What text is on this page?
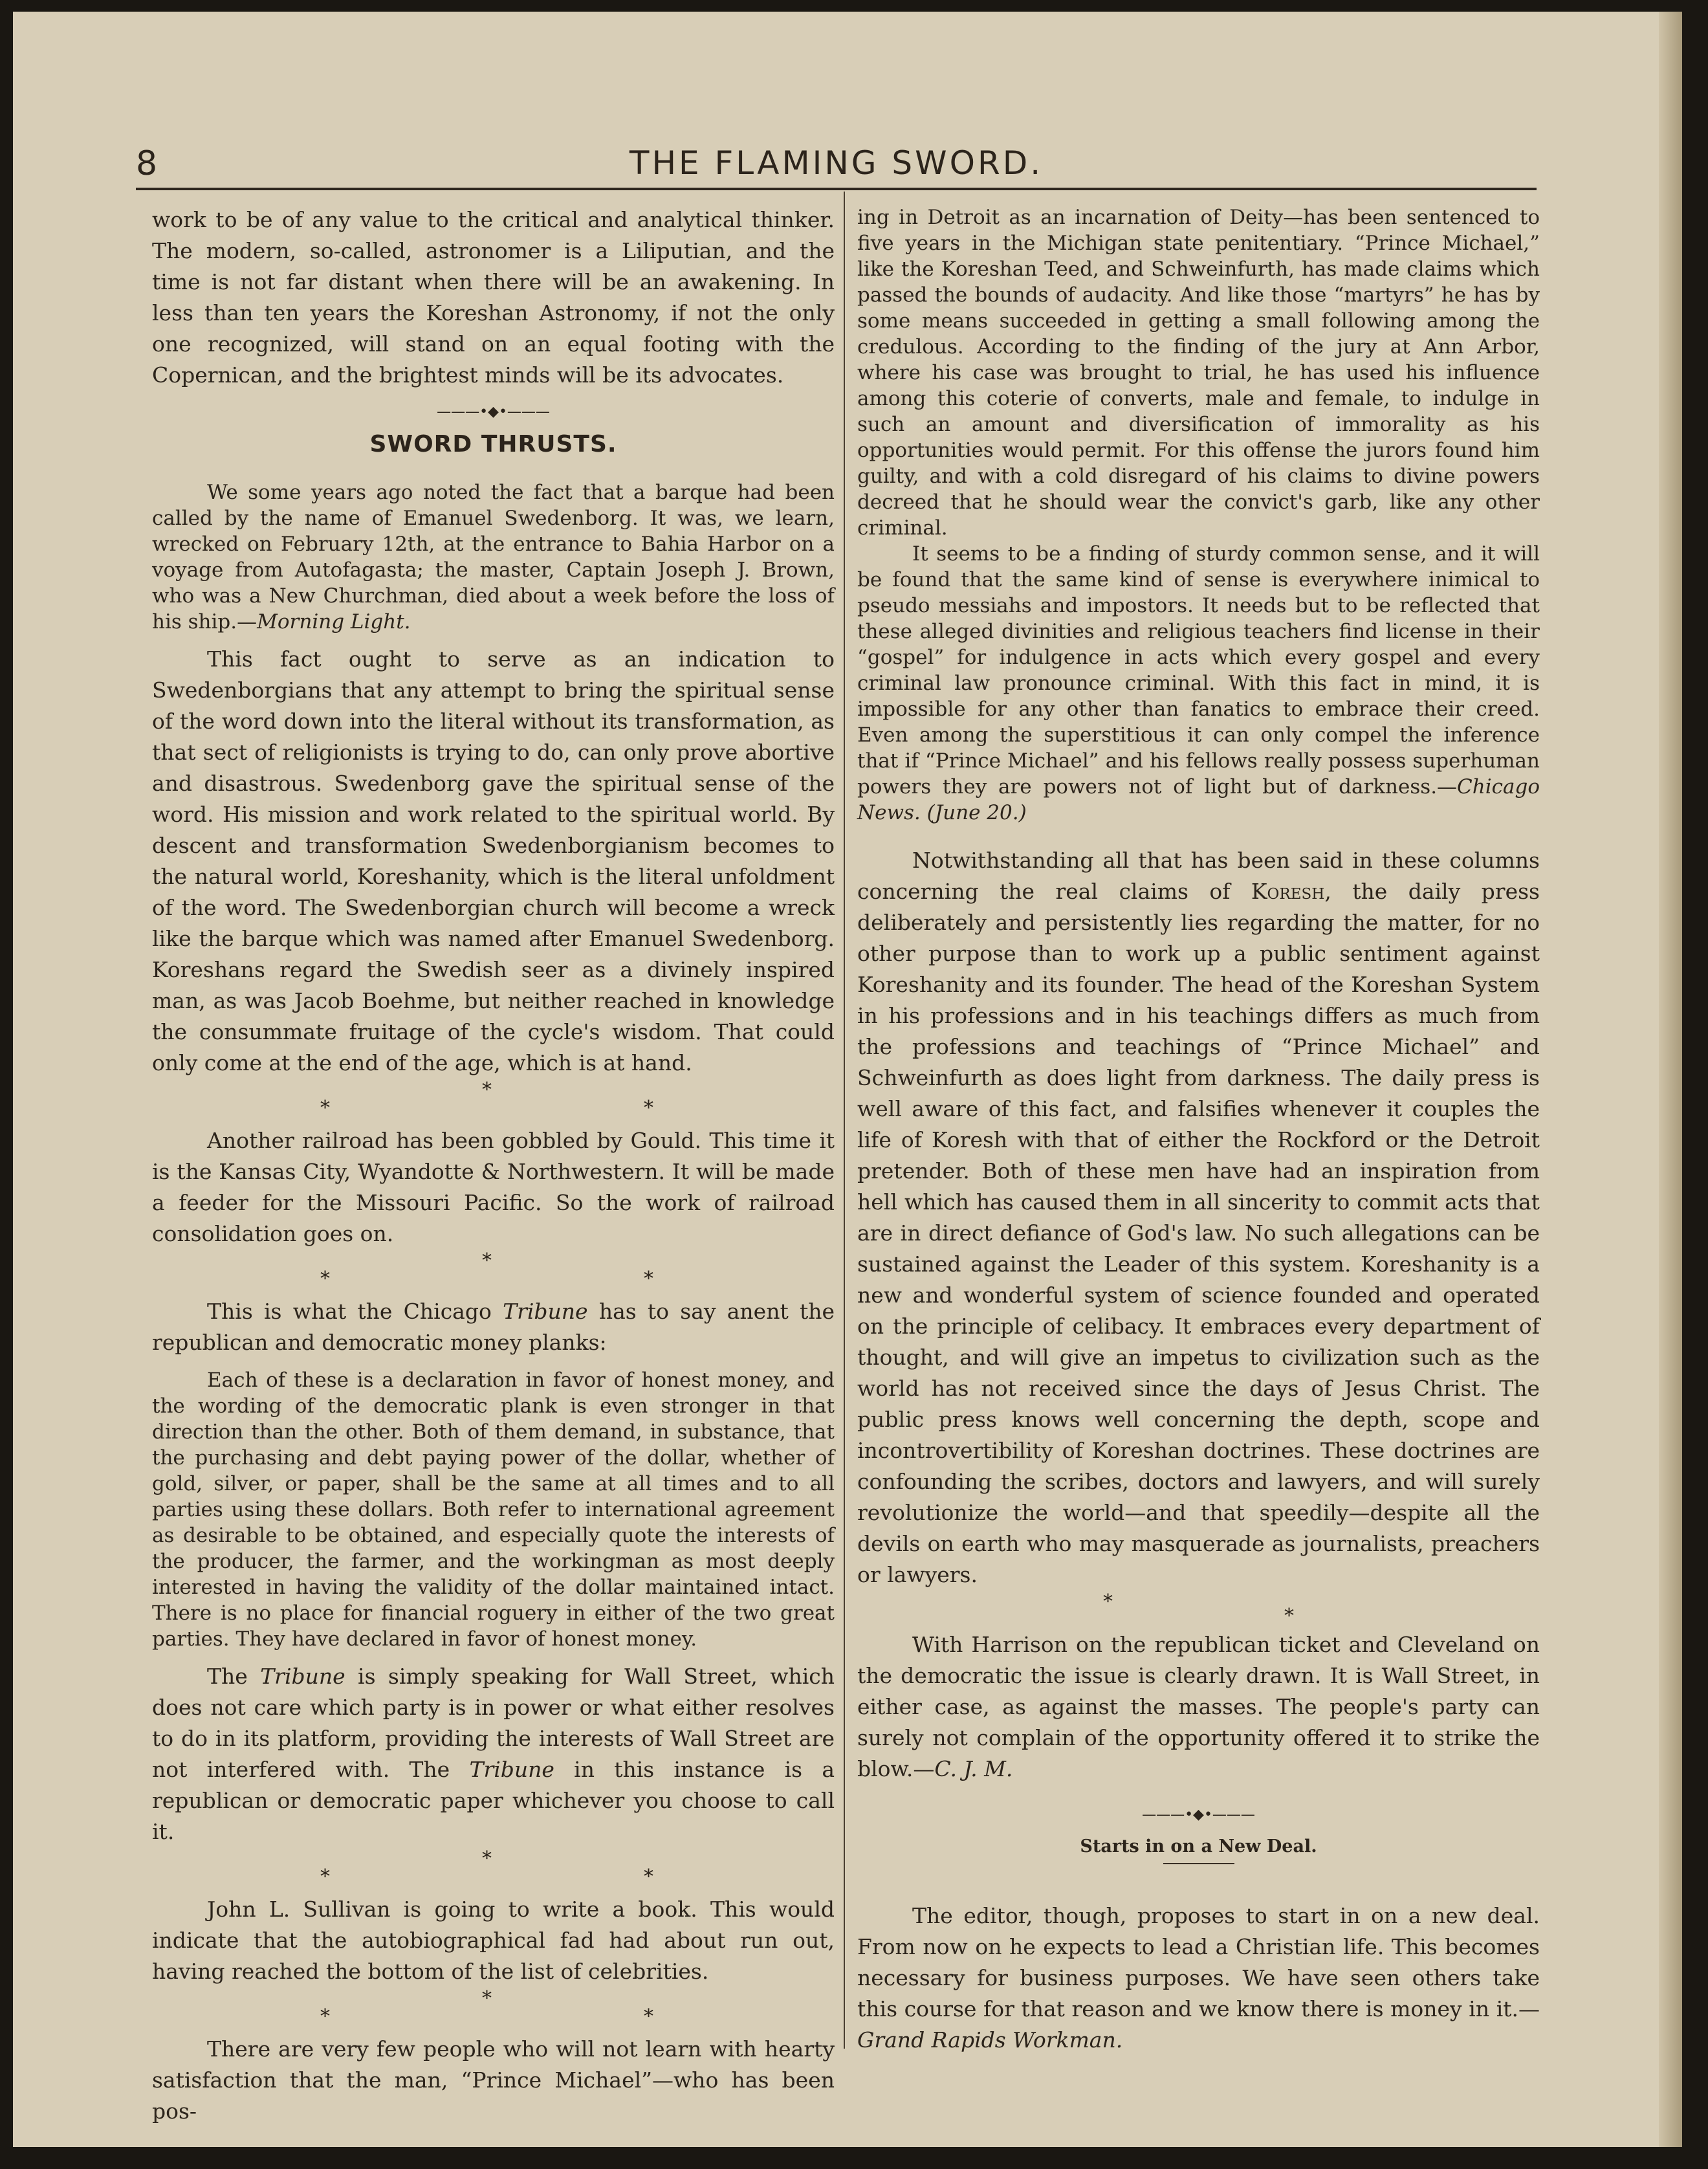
8	THE FLAMING SWORD.

work to be of any value to the critical and analytical thinker. The modern, so-called, astronomer is a Liliputian, and the time is not far distant when there will be an awakening. In less than ten years the Koreshan Astronomy, if not the only one recognized, will stand on an equal footing with the Copernican, and the brightest minds will be its advocates.

———•◆•———
SWORD THRUSTS.

We some years ago noted the fact that a barque had been called by the name of Emanuel Swedenborg. It was, we learn, wrecked on February 12th, at the entrance to Bahia Harbor on a voyage from Autofagasta; the master, Captain Joseph J. Brown, who was a New Churchman, died about a week before the loss of his ship.—Morning Light.

This fact ought to serve as an indication to Swedenborgians that any attempt to bring the spiritual sense of the word down into the literal without its transformation, as that sect of religionists is trying to do, can only prove abortive and disastrous. Swedenborg gave the spiritual sense of the word. His mission and work related to the spiritual world. By descent and transformation Swedenborgianism becomes to the natural world, Koreshanity, which is the literal unfoldment of the word. The Swedenborgian church will become a wreck like the barque which was named after Emanuel Swedenborg. Koreshans regard the Swedish seer as a divinely inspired man, as was Jacob Boehme, but neither reached in knowledge the consummate fruitage of the cycle's wisdom. That could only come at the end of the age, which is at hand.

*
*
*

Another railroad has been gobbled by Gould. This time it is the Kansas City, Wyandotte & Northwestern. It will be made a feeder for the Missouri Pacific. So the work of railroad consolidation goes on.

*
*
*

This is what the Chicago Tribune has to say anent the republican and democratic money planks:

Each of these is a declaration in favor of honest money, and the wording of the democratic plank is even stronger in that direction than the other. Both of them demand, in substance, that the purchasing and debt paying power of the dollar, whether of gold, silver, or paper, shall be the same at all times and to all parties using these dollars. Both refer to international agreement as desirable to be obtained, and especially quote the interests of the producer, the farmer, and the workingman as most deeply interested in having the validity of the dollar maintained intact. There is no place for financial roguery in either of the two great parties. They have declared in favor of honest money.

The Tribune is simply speaking for Wall Street, which does not care which party is in power or what either resolves to do in its platform, providing the interests of Wall Street are not interfered with. The Tribune in this instance is a republican or democratic paper whichever you choose to call it.

*
*
*

John L. Sullivan is going to write a book. This would indicate that the autobiographical fad had about run out, having reached the bottom of the list of celebrities.

*
*
*

There are very few people who will not learn with hearty satisfaction that the man, “Prince Michael”—who has been pos-

ing in Detroit as an incarnation of Deity—has been sentenced to five years in the Michigan state penitentiary. “Prince Michael,” like the Koreshan Teed, and Schweinfurth, has made claims which passed the bounds of audacity. And like those “martyrs” he has by some means succeeded in getting a small following among the credulous. According to the finding of the jury at Ann Arbor, where his case was brought to trial, he has used his influence among this coterie of converts, male and female, to indulge in such an amount and diversification of immorality as his opportunities would permit. For this offense the jurors found him guilty, and with a cold disregard of his claims to divine powers decreed that he should wear the convict's garb, like any other criminal.

It seems to be a finding of sturdy common sense, and it will be found that the same kind of sense is everywhere inimical to pseudo messiahs and impostors. It needs but to be reflected that these alleged divinities and religious teachers find license in their “gospel” for indulgence in acts which every gospel and every criminal law pronounce criminal. With this fact in mind, it is impossible for any other than fanatics to embrace their creed. Even among the superstitious it can only compel the inference that if “Prince Michael” and his fellows really possess superhuman powers they are powers not of light but of darkness.—Chicago News. (June 20.)

Notwithstanding all that has been said in these columns concerning the real claims of Koresh, the daily press deliberately and persistently lies regarding the matter, for no other purpose than to work up a public sentiment against Koreshanity and its founder. The head of the Koreshan System in his professions and in his teachings differs as much from the professions and teachings of “Prince Michael” and Schweinfurth as does light from darkness. The daily press is well aware of this fact, and falsifies whenever it couples the life of Koresh with that of either the Rockford or the Detroit pretender. Both of these men have had an inspiration from hell which has caused them in all sincerity to commit acts that are in direct defiance of God's law. No such allegations can be sustained against the Leader of this system. Koreshanity is a new and wonderful system of science founded and operated on the principle of celibacy. It embraces every department of thought, and will give an impetus to civilization such as the world has not received since the days of Jesus Christ. The public press knows well concerning the depth, scope and incontrovertibility of Koreshan doctrines. These doctrines are confounding the scribes, doctors and lawyers, and will surely revolutionize the world—and that speedily—despite all the devils on earth who may masquerade as journalists, preachers or lawyers.

*
*

With Harrison on the republican ticket and Cleveland on the democratic the issue is clearly drawn. It is Wall Street, in either case, as against the masses. The people's party can surely not complain of the opportunity offered it to strike the blow.—C. J. M.

———•◆•———
Starts in on a New Deal.

The editor, though, proposes to start in on a new deal. From now on he expects to lead a Christian life. This becomes necessary for business purposes. We have seen others take this course for that reason and we know there is money in it.—Grand Rapids Workman.
